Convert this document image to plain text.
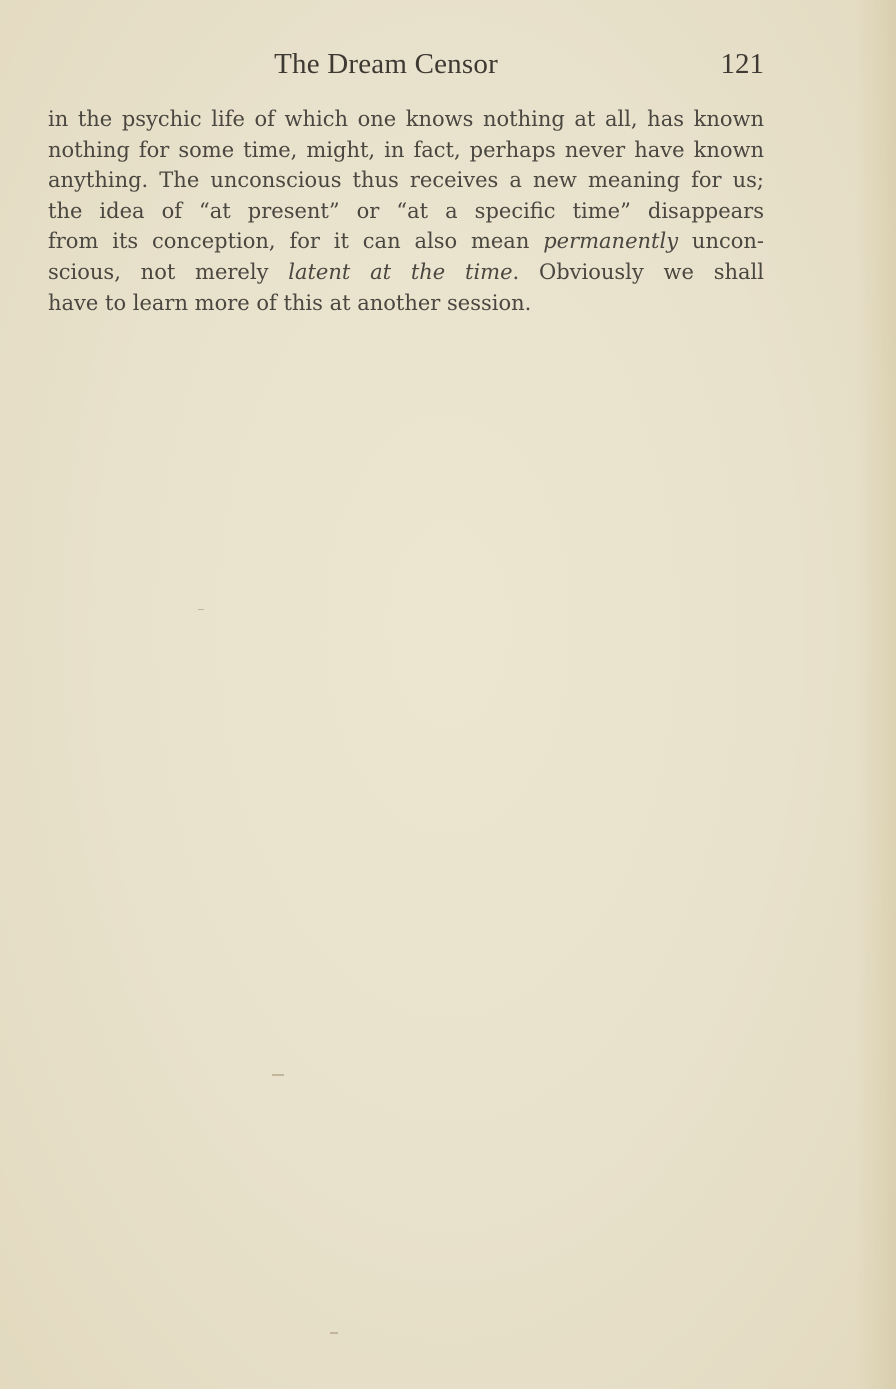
The Dream Censor	121
in the psychic life of which one knows nothing at all, has known
nothing for some time, might, in fact, perhaps never have known
anything. The unconscious thus receives a new meaning for us;
the idea of “at present” or “at a specific time” disappears
from its conception, for it can also mean permanently uncon-
scious, not merely latent at the time. Obviously we shall
have to learn more of this at another session.
